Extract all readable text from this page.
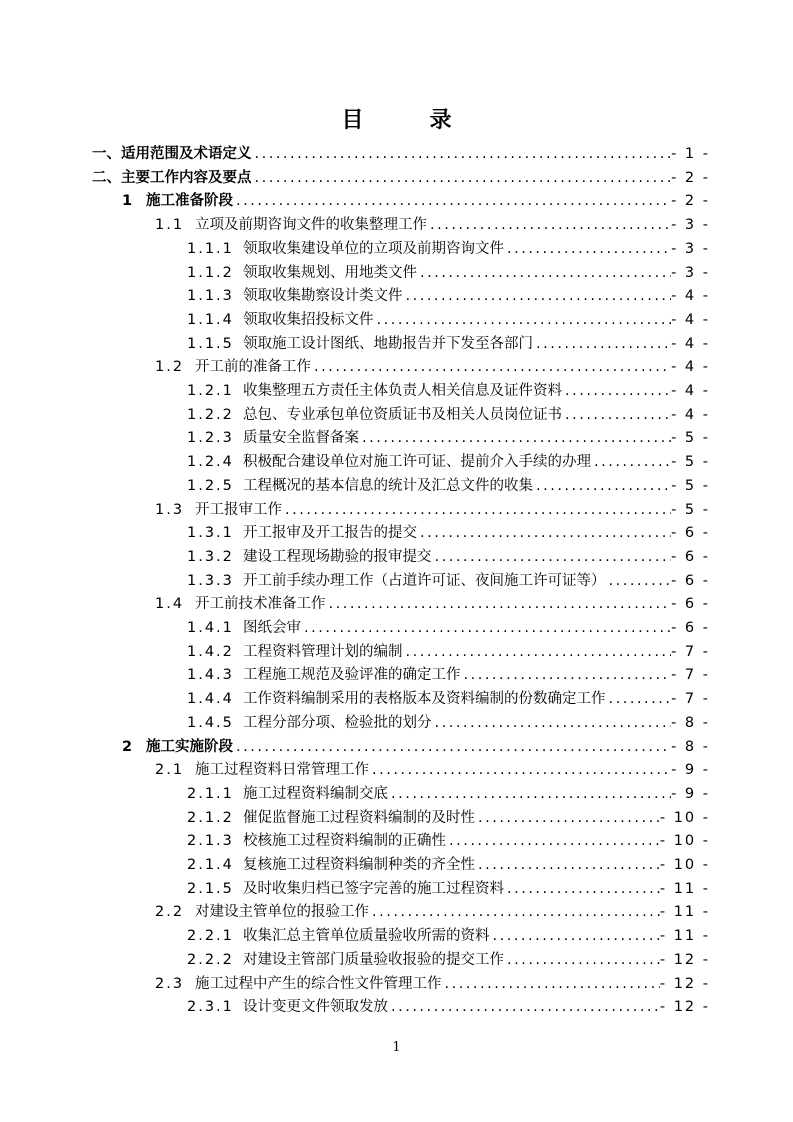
目　录
一、适用范围及术语定义 .....	- 1 -
二、主要工作内容及要点 .....	- 2 -
1 施工准备阶段 .....	- 2 -
1.1 立项及前期咨询文件的收集整理工作 .....	- 3 -
1.1.1 领取收集建设单位的立项及前期咨询文件 .....	- 3 -
1.1.2 领取收集规划、用地类文件 .....	- 3 -
1.1.3 领取收集勘察设计类文件 .....	- 4 -
1.1.4 领取收集招投标文件 .....	- 4 -
1.1.5 领取施工设计图纸、地勘报告并下发至各部门 .....	- 4 -
1.2 开工前的准备工作 .....	- 4 -
1.2.1 收集整理五方责任主体负责人相关信息及证件资料 .....	- 4 -
1.2.2 总包、专业承包单位资质证书及相关人员岗位证书 .....	- 4 -
1.2.3 质量安全监督备案 .....	- 5 -
1.2.4 积极配合建设单位对施工许可证、提前介入手续的办理 .....	- 5 -
1.2.5 工程概况的基本信息的统计及汇总文件的收集 .....	- 5 -
1.3 开工报审工作 .....	- 5 -
1.3.1 开工报审及开工报告的提交 .....	- 6 -
1.3.2 建设工程现场勘验的报审提交 .....	- 6 -
1.3.3 开工前手续办理工作（占道许可证、夜间施工许可证等） .....	- 6 -
1.4 开工前技术准备工作 .....	- 6 -
1.4.1 图纸会审 .....	- 6 -
1.4.2 工程资料管理计划的编制 .....	- 7 -
1.4.3 工程施工规范及验评准的确定工作 .....	- 7 -
1.4.4 工作资料编制采用的表格版本及资料编制的份数确定工作 .....	- 7 -
1.4.5 工程分部分项、检验批的划分 .....	- 8 -
2 施工实施阶段 .....	- 8 -
2.1 施工过程资料日常管理工作 .....	- 9 -
2.1.1 施工过程资料编制交底 .....	- 9 -
2.1.2 催促监督施工过程资料编制的及时性 .....	- 10 -
2.1.3 校核施工过程资料编制的正确性 .....	- 10 -
2.1.4 复核施工过程资料编制种类的齐全性 .....	- 10 -
2.1.5 及时收集归档已签字完善的施工过程资料 .....	- 11 -
2.2 对建设主管单位的报验工作 .....	- 11 -
2.2.1 收集汇总主管单位质量验收所需的资料 .....	- 11 -
2.2.2 对建设主管部门质量验收报验的提交工作 .....	- 12 -
2.3 施工过程中产生的综合性文件管理工作 .....	- 12 -
2.3.1 设计变更文件领取发放 .....	- 12 -
1
